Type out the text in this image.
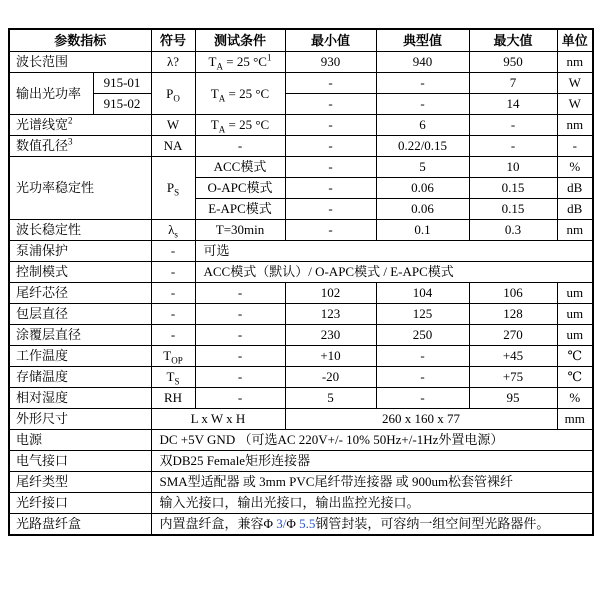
参数指标		符号	测试条件	最小值	典型值	最大值	单位
波长范围		λ?	$T_A = 25$ $^\circ C^1$	930	940	950	nm
输出光功率	915-01	$P_O$	$T_A = 25$ °C	-	-	7	W
	915-02			-	-	14	W
光谱线宽$^2$		W	$T_A = 25$ °C	-	6	-	nm
数值孔径$^3$		NA	-	-	0.22/0.15	-	-
光功率稳定性		$P_S$	ACC模式	-	5	10	%
			O-APC模式	-	0.06	0.15	dB
			E-APC模式	-	0.06	0.15	dB
波长稳定性		$\lambda_s$	T=30min	-	0.1	0.3	nm
泵浦保护		-	可选				
控制模式		-	ACC模式（默认）/ O-APC模式 / E-APC模式				
尾纤芯径		-	-	102	104	106	um
包层直径		-	-	123	125	128	um
涂覆层直径		-	-	230	250	270	um
工作温度		$T_{OP}$	-	+10	-	+45	℃
存储温度		$T_S$	-	-20	-	+75	℃
相对湿度		RH	-	5	-	95	%
外形尺寸		L x W x H		260 x 160 x 77			mm
电源		DC +5V GND （可选AC 220V+/- 10% 50Hz+/-1Hz外置电源）					
电气接口		双DB25 Female矩形连接器					
尾纤类型		SMA型适配器 或 3mm PVC尾纤带连接器 或 900um松套管裸纤					
光纤接口		输入光接口，输出光接口，输出监控光接口。					
光路盘纤盒		内置盘纤盒，兼容Φ 3/Φ 5.5钢管封装，可容纳一组空间型光路器件。					
